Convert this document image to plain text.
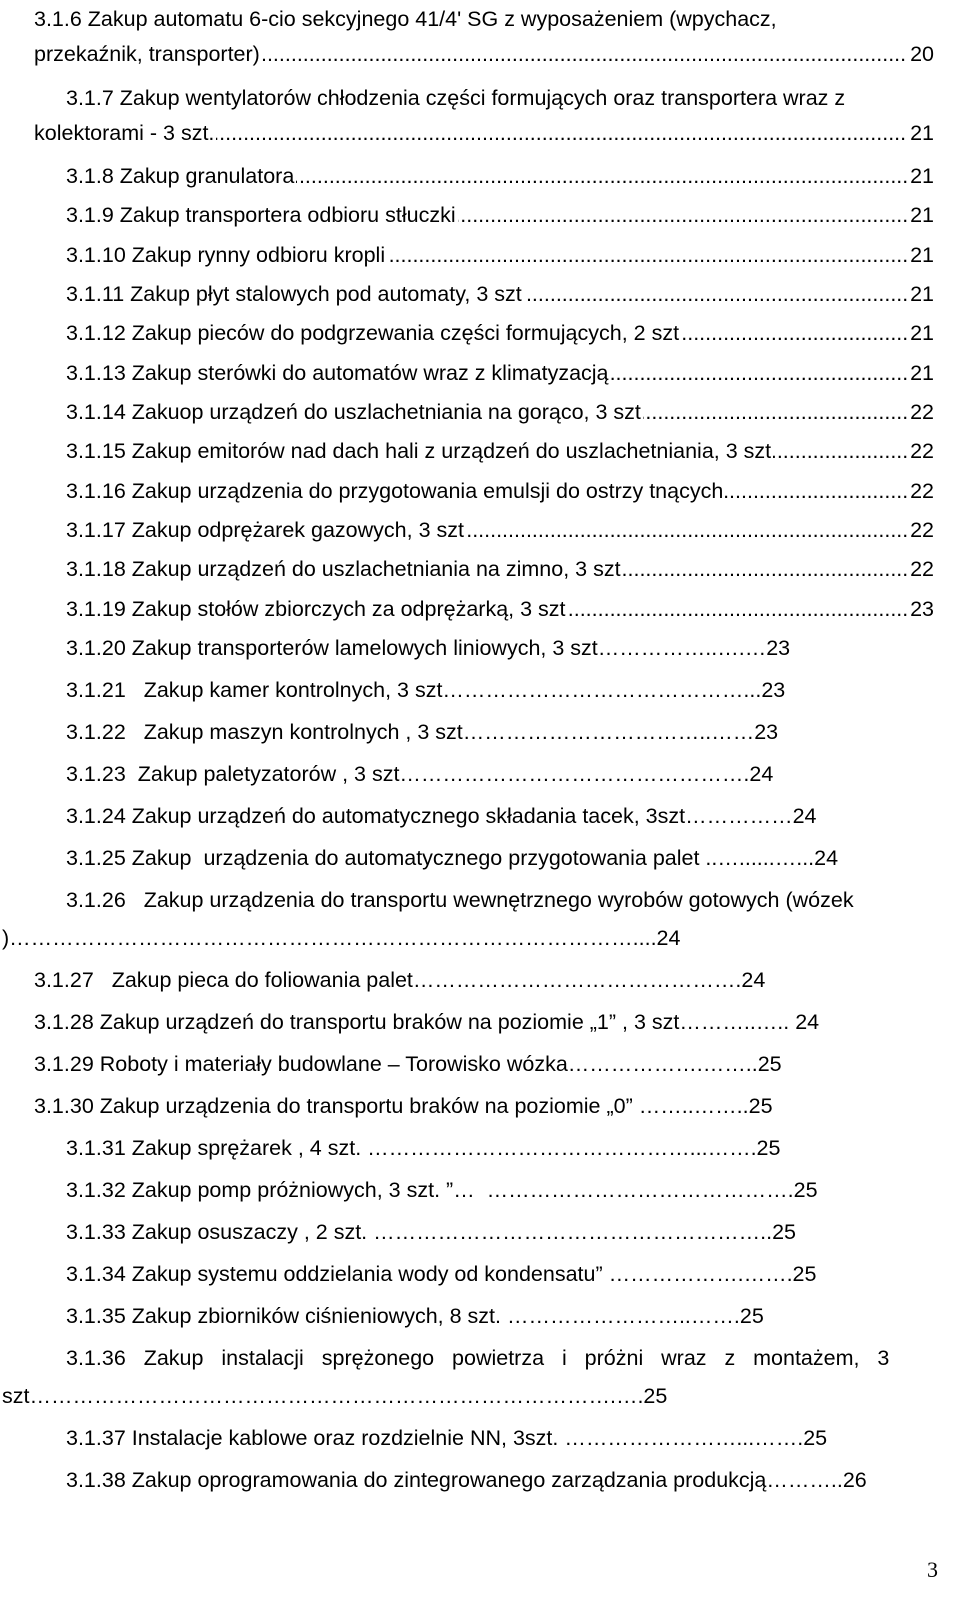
3.1.6 Zakup automatu 6-cio sekcyjnego 41/4' SG z wyposażeniem (wpychacz,
.....
przekaźnik, transporter)	20
3.1.7 Zakup wentylatorów chłodzenia części formujących oraz transportera wraz z
.....
kolektorami - 3 szt.	21
.....
3.1.8 Zakup granulatora	21
.....
3.1.9 Zakup transportera odbioru stłuczki	21
.....
3.1.10 Zakup rynny odbioru kropli	21
.....
3.1.11 Zakup płyt stalowych pod automaty, 3 szt	21
.....
3.1.12 Zakup pieców do podgrzewania części formujących, 2 szt	21
.....
3.1.13 Zakup sterówki do automatów wraz z klimatyzacją	21
.....
3.1.14 Zakuop urządzeń do uszlachetniania na gorąco, 3 szt	22
.....
3.1.15 Zakup emitorów nad dach hali z urządzeń do uszlachetniania, 3 szt	22
.....
3.1.16 Zakup urządzenia do przygotowania emulsji do ostrzy tnących	22
.....
3.1.17 Zakup odprężarek gazowych, 3 szt	22
.....
3.1.18 Zakup urządzeń do uszlachetniania na zimno, 3 szt	22
.....
3.1.19 Zakup stołów zbiorczych za odprężarką, 3 szt	23
3.1.20 Zakup transporterów lamelowych liniowych, 3 szt……………..….…23
3.1.21   Zakup kamer kontrolnych, 3 szt……………………………………...23
3.1.22   Zakup maszyn kontrolnych , 3 szt……………………………..……23
3.1.23  Zakup paletyzatorów , 3 szt………………………………………….24
3.1.24 Zakup urządzeń do automatycznego składania tacek, 3szt……………24
3.1.25 Zakup  urządzenia do automatycznego przygotowania palet ..…......…...24
3.1.26   Zakup urządzenia do transportu wewnętrznego wyrobów gotowych (wózek
)……………………………………………………………………………....24
3.1.27   Zakup pieca do foliowania palet……………………………………….24
3.1.28 Zakup urządzeń do transportu braków na poziomie „1” , 3 szt………..….. 24
3.1.29 Roboty i materiały budowlane – Torowisko wózka……………….……..25
3.1.30 Zakup urządzenia do transportu braków na poziomie „0” ……..……..25
3.1.31 Zakup sprężarek , 4 szt. ………………………………………...…….25
3.1.32 Zakup pomp próżniowych, 3 szt. ”…  …………………………………….25
3.1.33 Zakup osuszaczy , 2 szt. ………………………………………………..25
3.1.34 Zakup systemu oddzielania wody od kondensatu” ……………….…….25
3.1.35 Zakup zbiorników ciśnieniowych, 8 szt. ……………………..…….25
3.1.36   Zakup   instalacji   sprężonego   powietrza   i   próżni   wraz   z   montażem,   3
szt……………………………………………………………………….….25
3.1.37 Instalacje kablowe oraz rozdzielnie NN, 3szt. ……………………...…….25
3.1.38 Zakup oprogramowania do zintegrowanego zarządzania produkcją………..26
3
